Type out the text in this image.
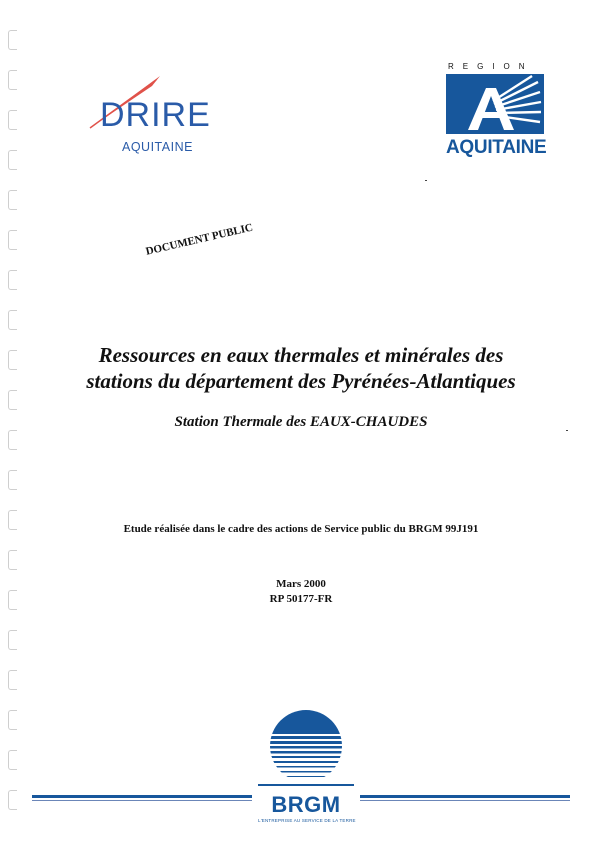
DRIRE
AQUITAINE
REGION
AQUITAINE
DOCUMENT PUBLIC
Ressources en eaux thermales et minérales des
stations du département des Pyrénées-Atlantiques
Station Thermale des EAUX-CHAUDES
Etude réalisée dans le cadre des actions de Service public du BRGM 99J191
Mars 2000
RP 50177-FR
BRGM
L'ENTREPRISE AU SERVICE DE LA TERRE
